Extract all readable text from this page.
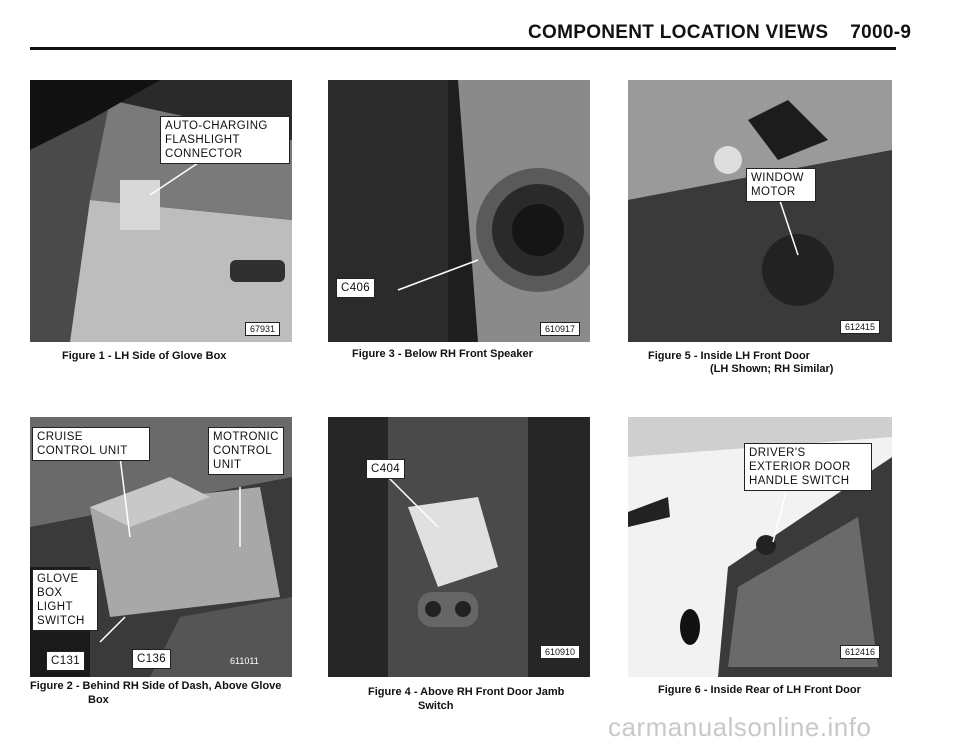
COMPONENT LOCATION VIEWS 7000-9
AUTO-CHARGING FLASHLIGHT CONNECTOR
67931
Figure 1 - LH Side of Glove Box
C406
610917
Figure 3 - Below RH Front Speaker
WINDOW MOTOR
612415
Figure 5 - Inside LH Front Door
(LH Shown; RH Similar)
CRUISE CONTROL UNIT
MOTRONIC CONTROL UNIT
GLOVE BOX LIGHT SWITCH
C131	C136	611011
Figure 2 - Behind RH Side of Dash, Above Glove
Box
C404
610910
Figure 4 - Above RH Front Door Jamb
Switch
DRIVER'S EXTERIOR DOOR HANDLE SWITCH
612416
Figure 6 - Inside Rear of LH Front Door
carmanualsonline.info
